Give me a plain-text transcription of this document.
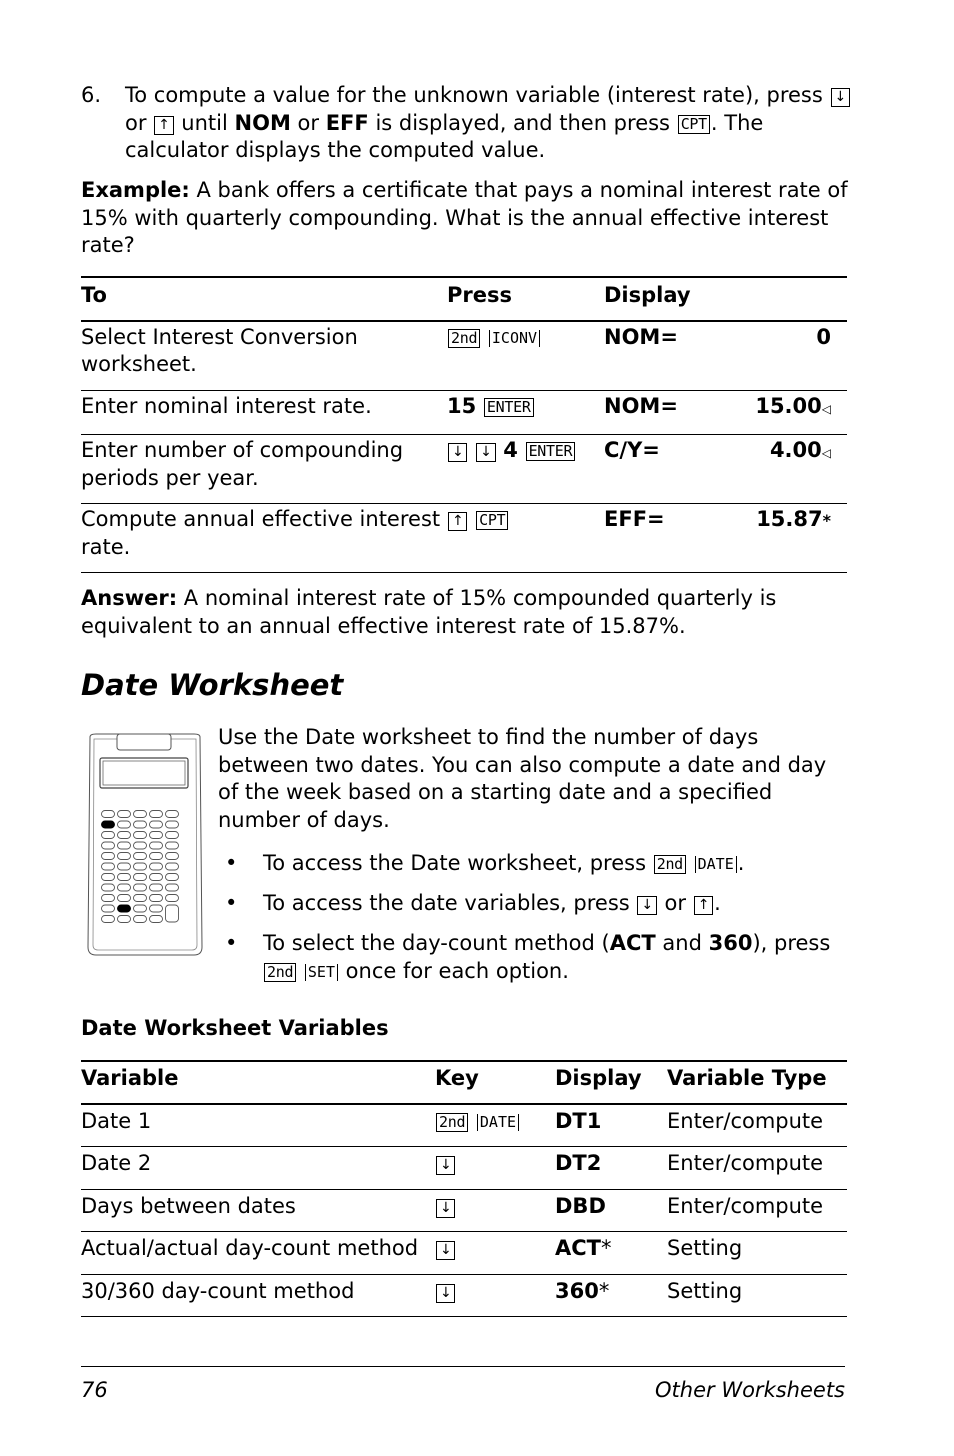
6. To compute a value for the unknown variable (interest rate), press ↓ or ↑ until NOM or EFF is displayed, and then press CPT . The calculator displays the computed value.

Example: A bank offers a certificate that pays a nominal interest rate of 15% with quarterly compounding. What is the annual effective interest rate?

To	Press	Display	
Select Interest Conversion worksheet.	2nd ICONV	NOM=	0
Enter nominal interest rate.	15 ENTER	NOM=	15.00◁
Enter number of compounding periods per year.	↓ ↓ 4 ENTER	C/Y=	4.00◁
Compute annual effective interest rate.	↑ CPT	EFF=	15.87*

Answer: A nominal interest rate of 15% compounded quarterly is equivalent to an annual effective interest rate of 15.87%.

Date Worksheet

Use the Date worksheet to find the number of days between two dates. You can also compute a date and day of the week based on a starting date and a specified number of days.

• To access the Date worksheet, press 2nd DATE .
• To access the date variables, press ↓ or ↑ .
• To select the day-count method (ACT and 360), press 2nd SET once for each option.
Date Worksheet Variables
Variable	Key	Display	Variable Type
Date 1	2nd DATE	DT1	Enter/compute
Date 2	↓	DT2	Enter/compute
Days between dates	↓	DBD	Enter/compute
Actual/actual day-count method	↓	ACT*	Setting
30/360 day-count method	↓	360*	Setting
76	Other Worksheets
